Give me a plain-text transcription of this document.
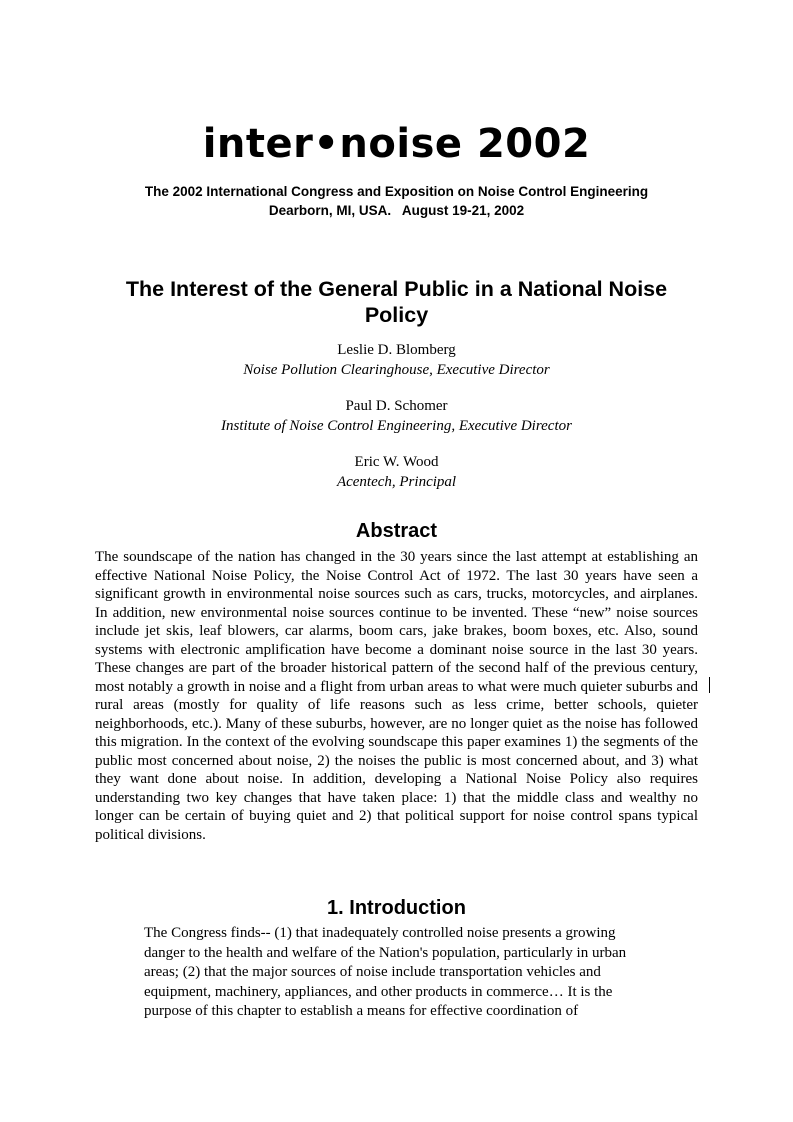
inter•noise 2002
The 2002 International Congress and Exposition on Noise Control Engineering
Dearborn, MI, USA.   August 19-21, 2002
The Interest of the General Public in a National Noise Policy
Leslie D. Blomberg
Noise Pollution Clearinghouse, Executive Director
Paul D. Schomer
Institute of Noise Control Engineering, Executive Director
Eric W. Wood
Acentech, Principal
Abstract

The soundscape of the nation has changed in the 30 years since the last attempt at establishing an effective National Noise Policy, the Noise Control Act of 1972. The last 30 years have seen a significant growth in environmental noise sources such as cars, trucks, motorcycles, and airplanes. In addition, new environmental noise sources continue to be invented. These “new” noise sources include jet skis, leaf blowers, car alarms, boom cars, jake brakes, boom boxes, etc. Also, sound systems with electronic amplification have become a dominant noise source in the last 30 years. These changes are part of the broader historical pattern of the second half of the previous century, most notably a growth in noise and a flight from urban areas to what were much quieter suburbs and rural areas (mostly for quality of life reasons such as less crime, better schools, quieter neighborhoods, etc.). Many of these suburbs, however, are no longer quiet as the noise has followed this migration. In the context of the evolving soundscape this paper examines 1) the segments of the public most concerned about noise, 2) the noises the public is most concerned about, and 3) what they want done about noise. In addition, developing a National Noise Policy also requires understanding two key changes that have taken place: 1) that the middle class and wealthy no longer can be certain of buying quiet and 2) that political support for noise control spans typical political divisions.

1. Introduction

The Congress finds-- (1) that inadequately controlled noise presents a growing danger to the health and welfare of the Nation's population, particularly in urban areas; (2) that the major sources of noise include transportation vehicles and equipment, machinery, appliances, and other products in commerce… It is the purpose of this chapter to establish a means for effective coordination of
